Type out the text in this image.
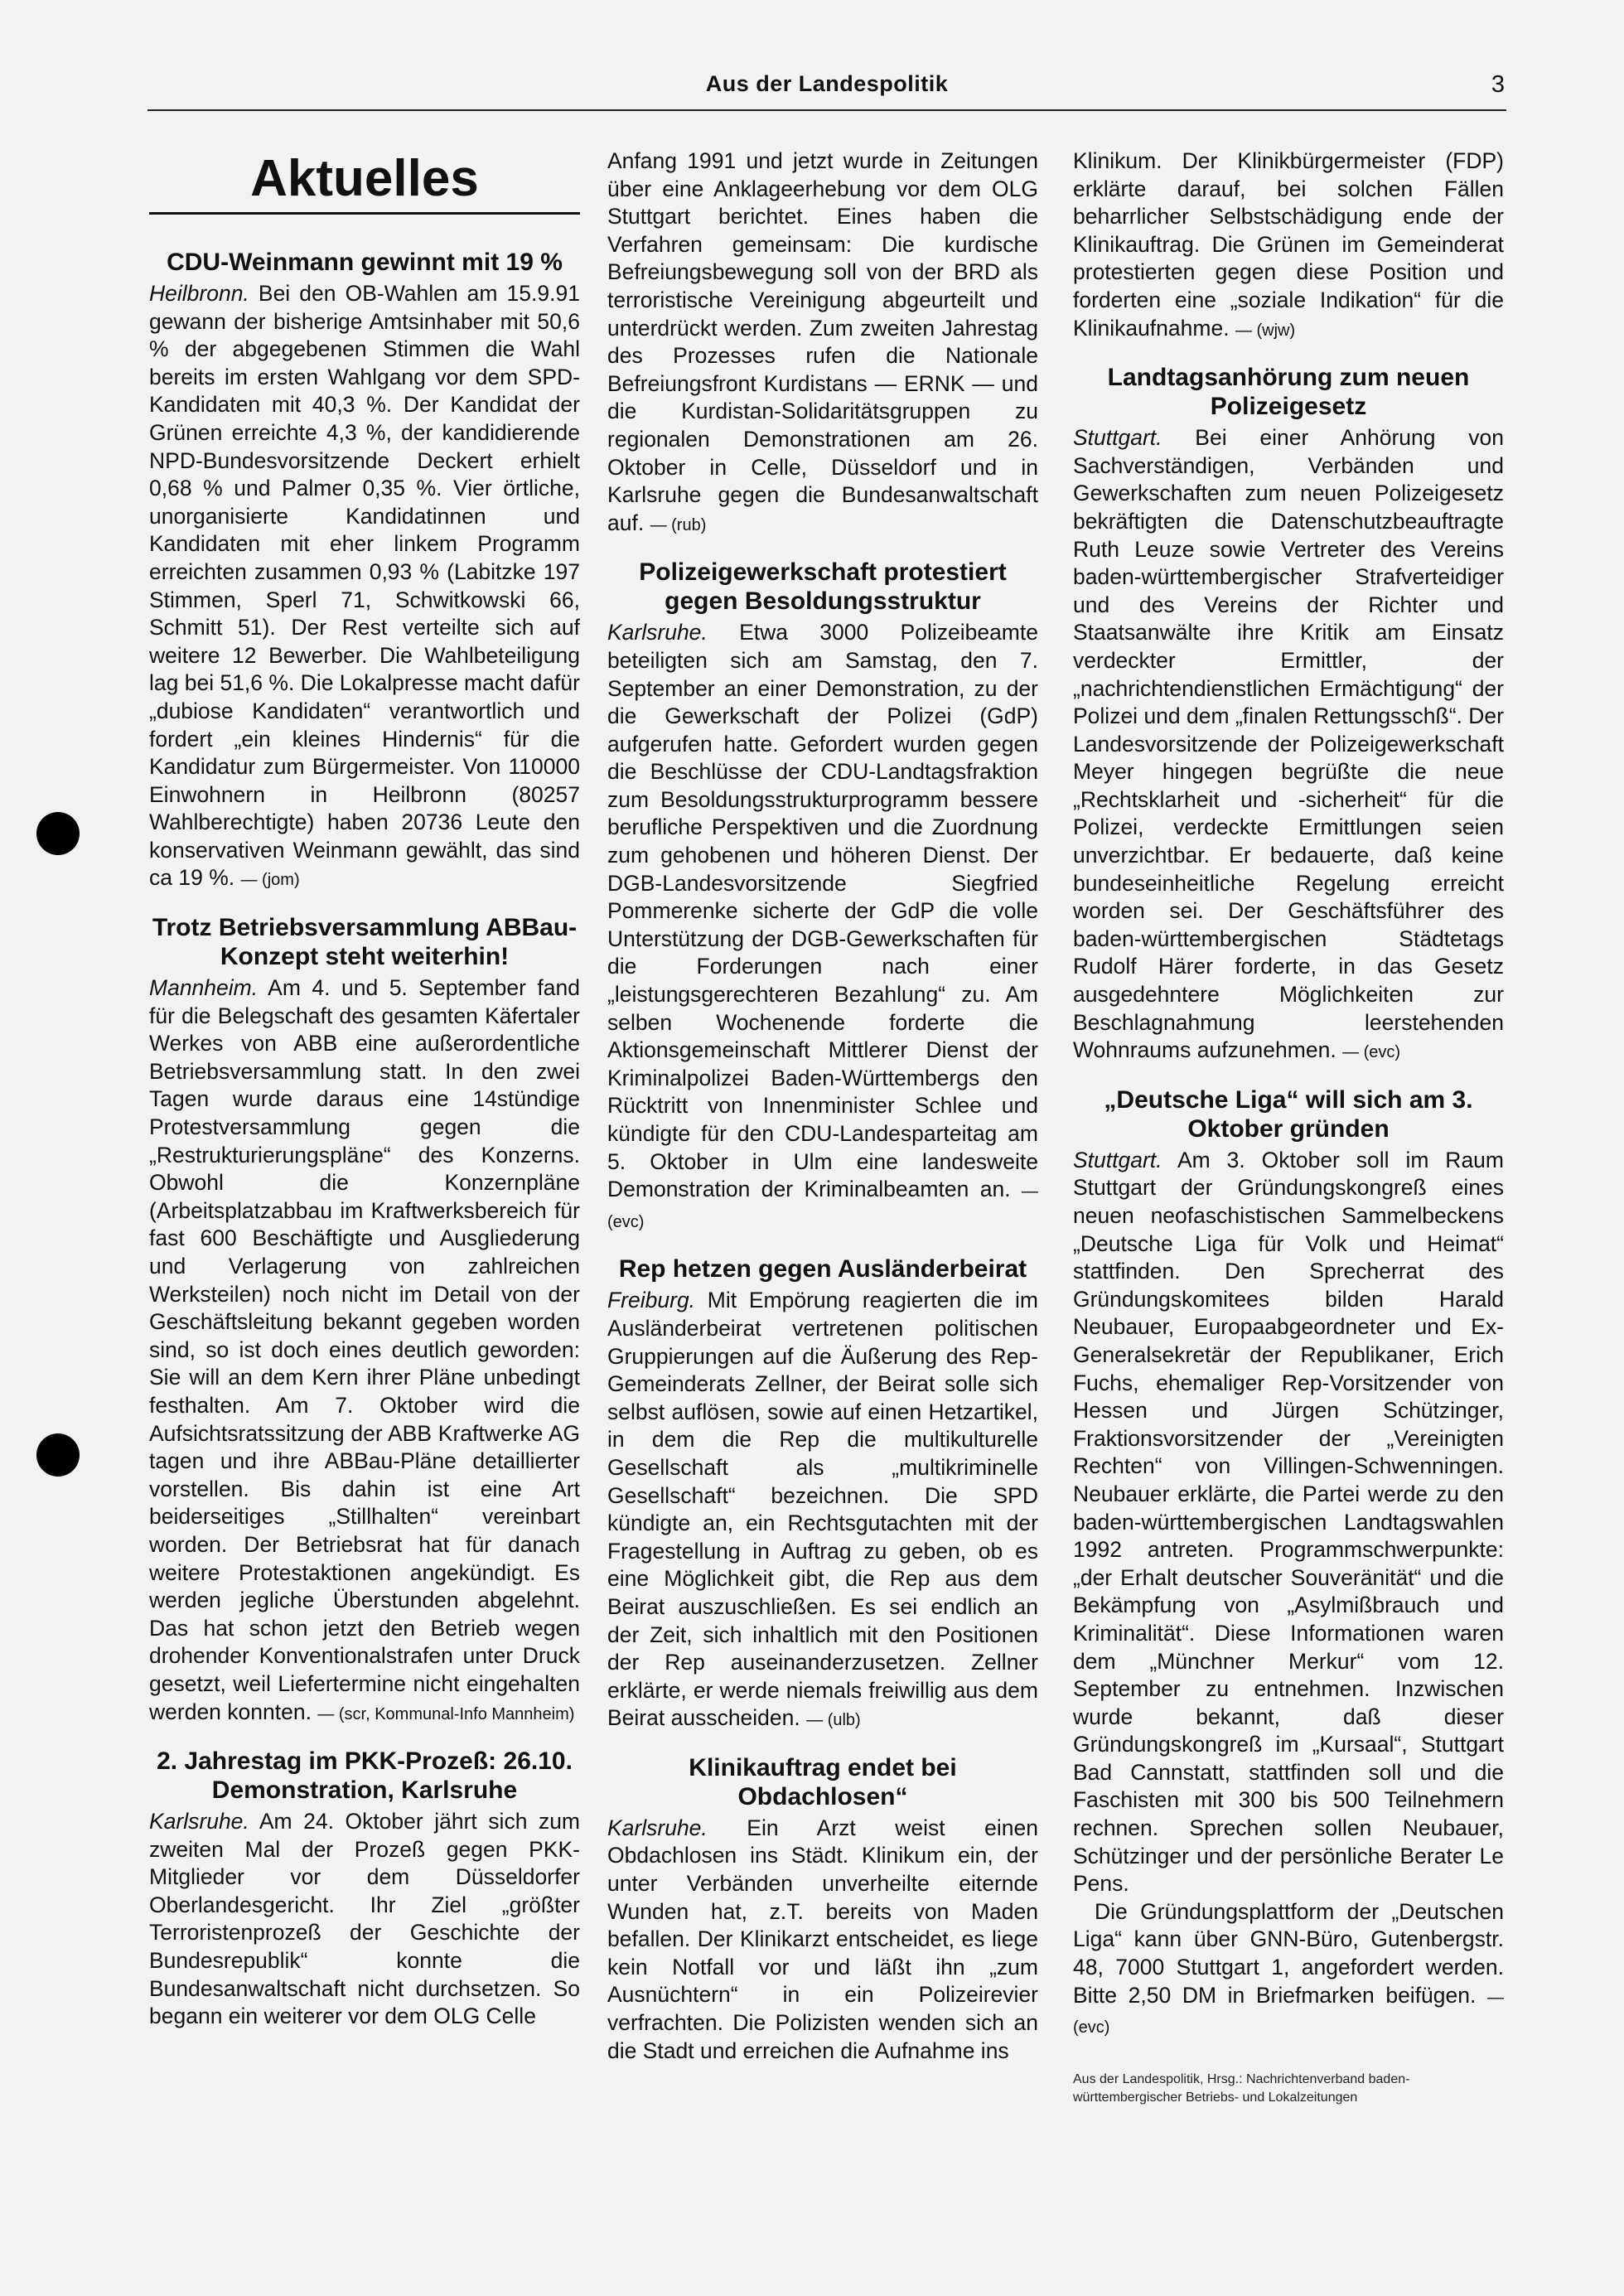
Aus der Landespolitik	3
Aktuelles
CDU-Weinmann gewinnt mit 19 %

Heilbronn. Bei den OB-Wahlen am 15.9.91 gewann der bisherige Amtsinhaber mit 50,6 % der abgegebenen Stimmen die Wahl bereits im ersten Wahlgang vor dem SPD-Kandidaten mit 40,3 %. Der Kandidat der Grünen erreichte 4,3 %, der kandidierende NPD-Bundesvorsitzende Deckert erhielt 0,68 % und Palmer 0,35 %. Vier örtliche, unorganisierte Kandidatinnen und Kandidaten mit eher linkem Programm erreichten zusammen 0,93 % (Labitzke 197 Stimmen, Sperl 71, Schwitkowski 66, Schmitt 51). Der Rest verteilte sich auf weitere 12 Bewerber. Die Wahlbeteiligung lag bei 51,6 %. Die Lokalpresse macht dafür „dubiose Kandidaten“ verantwortlich und fordert „ein kleines Hindernis“ für die Kandidatur zum Bürgermeister. Von 110000 Einwohnern in Heilbronn (80257 Wahlberechtigte) haben 20736 Leute den konservativen Weinmann gewählt, das sind ca 19 %. — (jom)

Trotz Betriebsversammlung ABBau-Konzept steht weiterhin!

Mannheim. Am 4. und 5. September fand für die Belegschaft des gesamten Käfertaler Werkes von ABB eine außerordentliche Betriebsversammlung statt. In den zwei Tagen wurde daraus eine 14stündige Protestversammlung gegen die „Restrukturierungspläne“ des Konzerns. Obwohl die Konzernpläne (Arbeitsplatzabbau im Kraftwerksbereich für fast 600 Beschäftigte und Ausgliederung und Verlagerung von zahlreichen Werksteilen) noch nicht im Detail von der Geschäftsleitung bekannt gegeben worden sind, so ist doch eines deutlich geworden: Sie will an dem Kern ihrer Pläne unbedingt festhalten. Am 7. Oktober wird die Aufsichtsratssitzung der ABB Kraftwerke AG tagen und ihre ABBau-Pläne detaillierter vorstellen. Bis dahin ist eine Art beiderseitiges „Stillhalten“ vereinbart worden. Der Betriebsrat hat für danach weitere Protestaktionen angekündigt. Es werden jegliche Überstunden abgelehnt. Das hat schon jetzt den Betrieb wegen drohender Konventionalstrafen unter Druck gesetzt, weil Liefertermine nicht eingehalten werden konnten. — (scr, Kommunal-Info Mannheim)

2. Jahrestag im PKK-Prozeß: 26.10. Demonstration, Karlsruhe

Karlsruhe. Am 24. Oktober jährt sich zum zweiten Mal der Prozeß gegen PKK-Mitglieder vor dem Düsseldorfer Oberlandesgericht. Ihr Ziel „größter Terroristenprozeß der Geschichte der Bundesrepublik“ konnte die Bundesanwaltschaft nicht durchsetzen. So begann ein weiterer vor dem OLG Celle

Anfang 1991 und jetzt wurde in Zeitungen über eine Anklageerhebung vor dem OLG Stuttgart berichtet. Eines haben die Verfahren gemeinsam: Die kurdische Befreiungsbewegung soll von der BRD als terroristische Vereinigung abgeurteilt und unterdrückt werden. Zum zweiten Jahrestag des Prozesses rufen die Nationale Befreiungsfront Kurdistans — ERNK — und die Kurdistan-Solidaritätsgruppen zu regionalen Demonstrationen am 26. Oktober in Celle, Düsseldorf und in Karlsruhe gegen die Bundesanwaltschaft auf. — (rub)

Polizeigewerkschaft protestiert gegen Besoldungsstruktur

Karlsruhe. Etwa 3000 Polizeibeamte beteiligten sich am Samstag, den 7. September an einer Demonstration, zu der die Gewerkschaft der Polizei (GdP) aufgerufen hatte. Gefordert wurden gegen die Beschlüsse der CDU-Landtagsfraktion zum Besoldungsstrukturprogramm bessere berufliche Perspektiven und die Zuordnung zum gehobenen und höheren Dienst. Der DGB-Landesvorsitzende Siegfried Pommerenke sicherte der GdP die volle Unterstützung der DGB-Gewerkschaften für die Forderungen nach einer „leistungsgerechteren Bezahlung“ zu. Am selben Wochenende forderte die Aktionsgemeinschaft Mittlerer Dienst der Kriminalpolizei Baden-Württembergs den Rücktritt von Innenminister Schlee und kündigte für den CDU-Landesparteitag am 5. Oktober in Ulm eine landesweite Demonstration der Kriminalbeamten an. — (evc)

Rep hetzen gegen Ausländerbeirat

Freiburg. Mit Empörung reagierten die im Ausländerbeirat vertretenen politischen Gruppierungen auf die Äußerung des Rep-Gemeinderats Zellner, der Beirat solle sich selbst auflösen, sowie auf einen Hetzartikel, in dem die Rep die multikulturelle Gesellschaft als „multikriminelle Gesellschaft“ bezeichnen. Die SPD kündigte an, ein Rechtsgutachten mit der Fragestellung in Auftrag zu geben, ob es eine Möglichkeit gibt, die Rep aus dem Beirat auszuschließen. Es sei endlich an der Zeit, sich inhaltlich mit den Positionen der Rep auseinanderzusetzen. Zellner erklärte, er werde niemals freiwillig aus dem Beirat ausscheiden. — (ulb)

Klinikauftrag endet bei Obdachlosen“

Karlsruhe. Ein Arzt weist einen Obdachlosen ins Städt. Klinikum ein, der unter Verbänden unverheilte eiternde Wunden hat, z.T. bereits von Maden befallen. Der Klinikarzt entscheidet, es liege kein Notfall vor und läßt ihn „zum Ausnüchtern“ in ein Polizeirevier verfrachten. Die Polizisten wenden sich an die Stadt und erreichen die Aufnahme ins

Klinikum. Der Klinikbürgermeister (FDP) erklärte darauf, bei solchen Fällen beharrlicher Selbstschädigung ende der Klinikauftrag. Die Grünen im Gemeinderat protestierten gegen diese Position und forderten eine „soziale Indikation“ für die Klinikaufnahme. — (wjw)

Landtagsanhörung zum neuen Polizeigesetz

Stuttgart. Bei einer Anhörung von Sachverständigen, Verbänden und Gewerkschaften zum neuen Polizeigesetz bekräftigten die Datenschutzbeauftragte Ruth Leuze sowie Vertreter des Vereins baden-württembergischer Strafverteidiger und des Vereins der Richter und Staatsanwälte ihre Kritik am Einsatz verdeckter Ermittler, der „nachrichtendienstlichen Ermächtigung“ der Polizei und dem „finalen Rettungsschß“. Der Landesvorsitzende der Polizeigewerkschaft Meyer hingegen begrüßte die neue „Rechtsklarheit und -sicherheit“ für die Polizei, verdeckte Ermittlungen seien unverzichtbar. Er bedauerte, daß keine bundeseinheitliche Regelung erreicht worden sei. Der Geschäftsführer des baden-württembergischen Städtetags Rudolf Härer forderte, in das Gesetz ausgedehntere Möglichkeiten zur Beschlagnahmung leerstehenden Wohnraums aufzunehmen. — (evc)

„Deutsche Liga“ will sich am 3. Oktober gründen

Stuttgart. Am 3. Oktober soll im Raum Stuttgart der Gründungskongreß eines neuen neofaschistischen Sammelbeckens „Deutsche Liga für Volk und Heimat“ stattfinden. Den Sprecherrat des Gründungskomitees bilden Harald Neubauer, Europaabgeordneter und Ex-Generalsekretär der Republikaner, Erich Fuchs, ehemaliger Rep-Vorsitzender von Hessen und Jürgen Schützinger, Fraktionsvorsitzender der „Vereinigten Rechten“ von Villingen-Schwenningen. Neubauer erklärte, die Partei werde zu den baden-württembergischen Landtagswahlen 1992 antreten. Programmschwerpunkte: „der Erhalt deutscher Souveränität“ und die Bekämpfung von „Asylmißbrauch und Kriminalität“. Diese Informationen waren dem „Münchner Merkur“ vom 12. September zu entnehmen. Inzwischen wurde bekannt, daß dieser Gründungskongreß im „Kursaal“, Stuttgart Bad Cannstatt, stattfinden soll und die Faschisten mit 300 bis 500 Teilnehmern rechnen. Sprechen sollen Neubauer, Schützinger und der persönliche Berater Le Pens.

Die Gründungsplattform der „Deutschen Liga“ kann über GNN-Büro, Gutenbergstr. 48, 7000 Stuttgart 1, angefordert werden. Bitte 2,50 DM in Briefmarken beifügen. — (evc)

Aus der Landespolitik, Hrsg.: Nachrichtenverband baden-württembergischer Betriebs- und Lokalzeitungen
